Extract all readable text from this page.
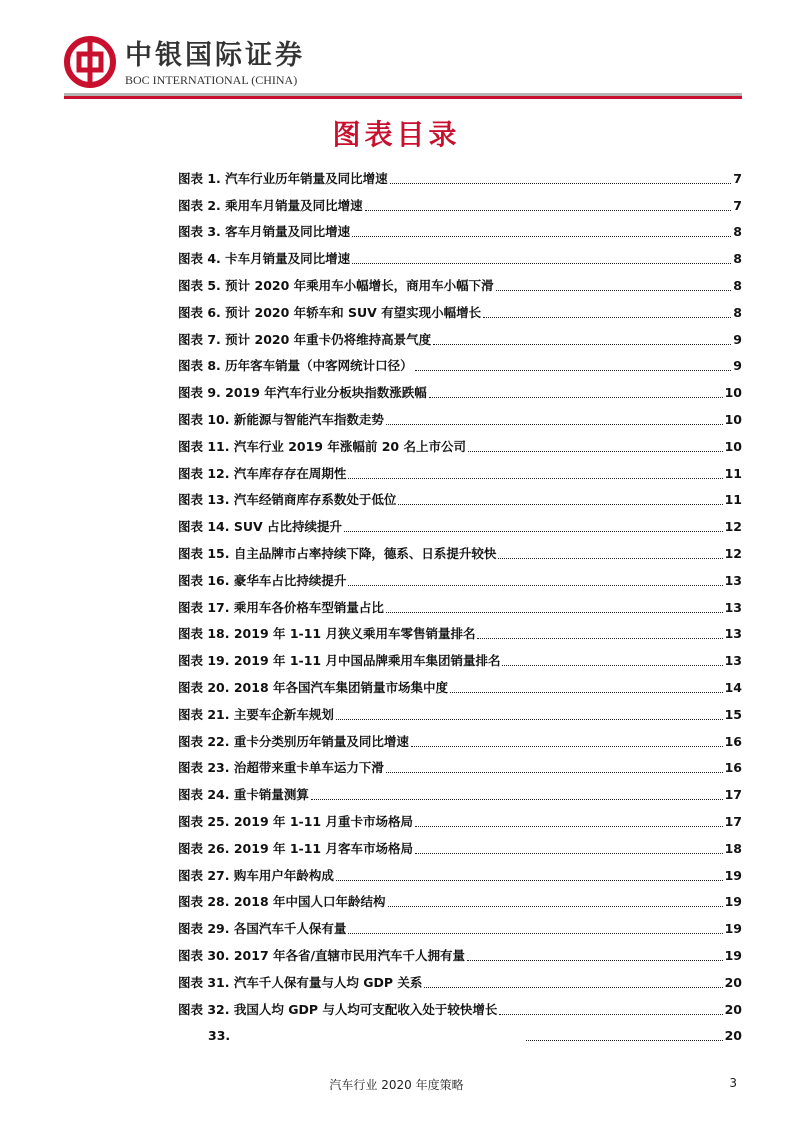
中银国际证券
BOC INTERNATIONAL (CHINA)
图表目录
图表 1. 汽车行业历年销量及同比增速	7
图表 2. 乘用车月销量及同比增速	7
图表 3. 客车月销量及同比增速	8
图表 4. 卡车月销量及同比增速	8
图表 5. 预计 2020 年乘用车小幅增长，商用车小幅下滑	8
图表 6. 预计 2020 年轿车和 SUV 有望实现小幅增长	8
图表 7. 预计 2020 年重卡仍将维持高景气度	9
图表 8. 历年客车销量（中客网统计口径）	9
图表 9. 2019 年汽车行业分板块指数涨跌幅	10
图表 10. 新能源与智能汽车指数走势	10
图表 11. 汽车行业 2019 年涨幅前 20 名上市公司	10
图表 12. 汽车库存存在周期性	11
图表 13. 汽车经销商库存系数处于低位	11
图表 14. SUV 占比持续提升	12
图表 15. 自主品牌市占率持续下降，德系、日系提升较快	12
图表 16. 豪华车占比持续提升	13
图表 17. 乘用车各价格车型销量占比	13
图表 18. 2019 年 1-11 月狭义乘用车零售销量排名	13
图表 19. 2019 年 1-11 月中国品牌乘用车集团销量排名	13
图表 20. 2018 年各国汽车集团销量市场集中度	14
图表 21. 主要车企新车规划	15
图表 22. 重卡分类别历年销量及同比增速	16
图表 23. 治超带来重卡单车运力下滑	16
图表 24. 重卡销量测算	17
图表 25. 2019 年 1-11 月重卡市场格局	17
图表 26. 2019 年 1-11 月客车市场格局	18
图表 27. 购车用户年龄构成	19
图表 28. 2018 年中国人口年龄结构	19
图表 29. 各国汽车千人保有量	19
图表 30. 2017 年各省/直辖市民用汽车千人拥有量	19
图表 31. 汽车千人保有量与人均 GDP 关系	20
图表 32. 我国人均 GDP 与人均可支配收入处于较快增长	20
33.	20
汽车行业 2020 年度策略	3
